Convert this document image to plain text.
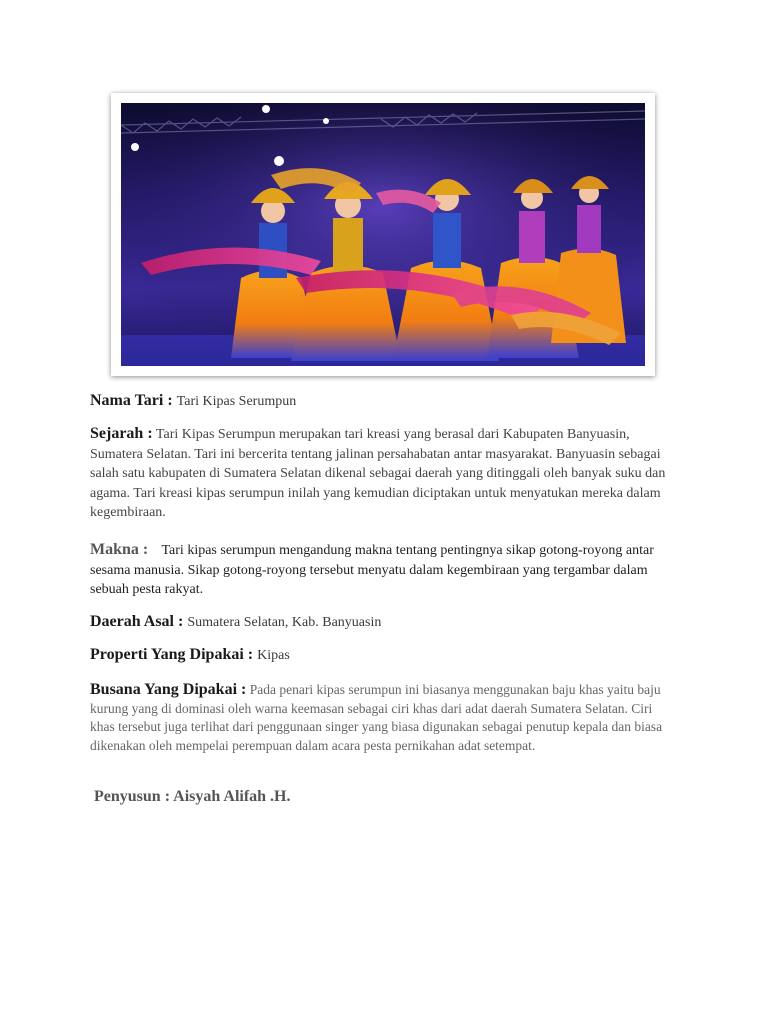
Nama Tari : Tari Kipas Serumpun

Sejarah : Tari Kipas Serumpun merupakan tari kreasi yang berasal dari Kabupaten Banyuasin, Sumatera Selatan. Tari ini bercerita tentang jalinan persahabatan antar masyarakat. Banyuasin sebagai salah satu kabupaten di Sumatera Selatan dikenal sebagai daerah yang ditinggali oleh banyak suku dan agama. Tari kreasi kipas serumpun inilah yang kemudian diciptakan untuk menyatukan mereka dalam kegembiraan.

Makna : Tari kipas serumpun mengandung makna tentang pentingnya sikap gotong-royong antar sesama manusia. Sikap gotong-royong tersebut menyatu dalam kegembiraan yang tergambar dalam sebuah pesta rakyat.

Daerah Asal : Sumatera Selatan, Kab. Banyuasin

Properti Yang Dipakai : Kipas

Busana Yang Dipakai : Pada penari kipas serumpun ini biasanya menggunakan baju khas yaitu baju kurung yang di dominasi oleh warna keemasan sebagai ciri khas dari adat daerah Sumatera Selatan. Ciri khas tersebut juga terlihat dari penggunaan singer yang biasa digunakan sebagai penutup kepala dan biasa dikenakan oleh mempelai perempuan dalam acara pesta pernikahan adat setempat.

Penyusun : Aisyah Alifah .H.
